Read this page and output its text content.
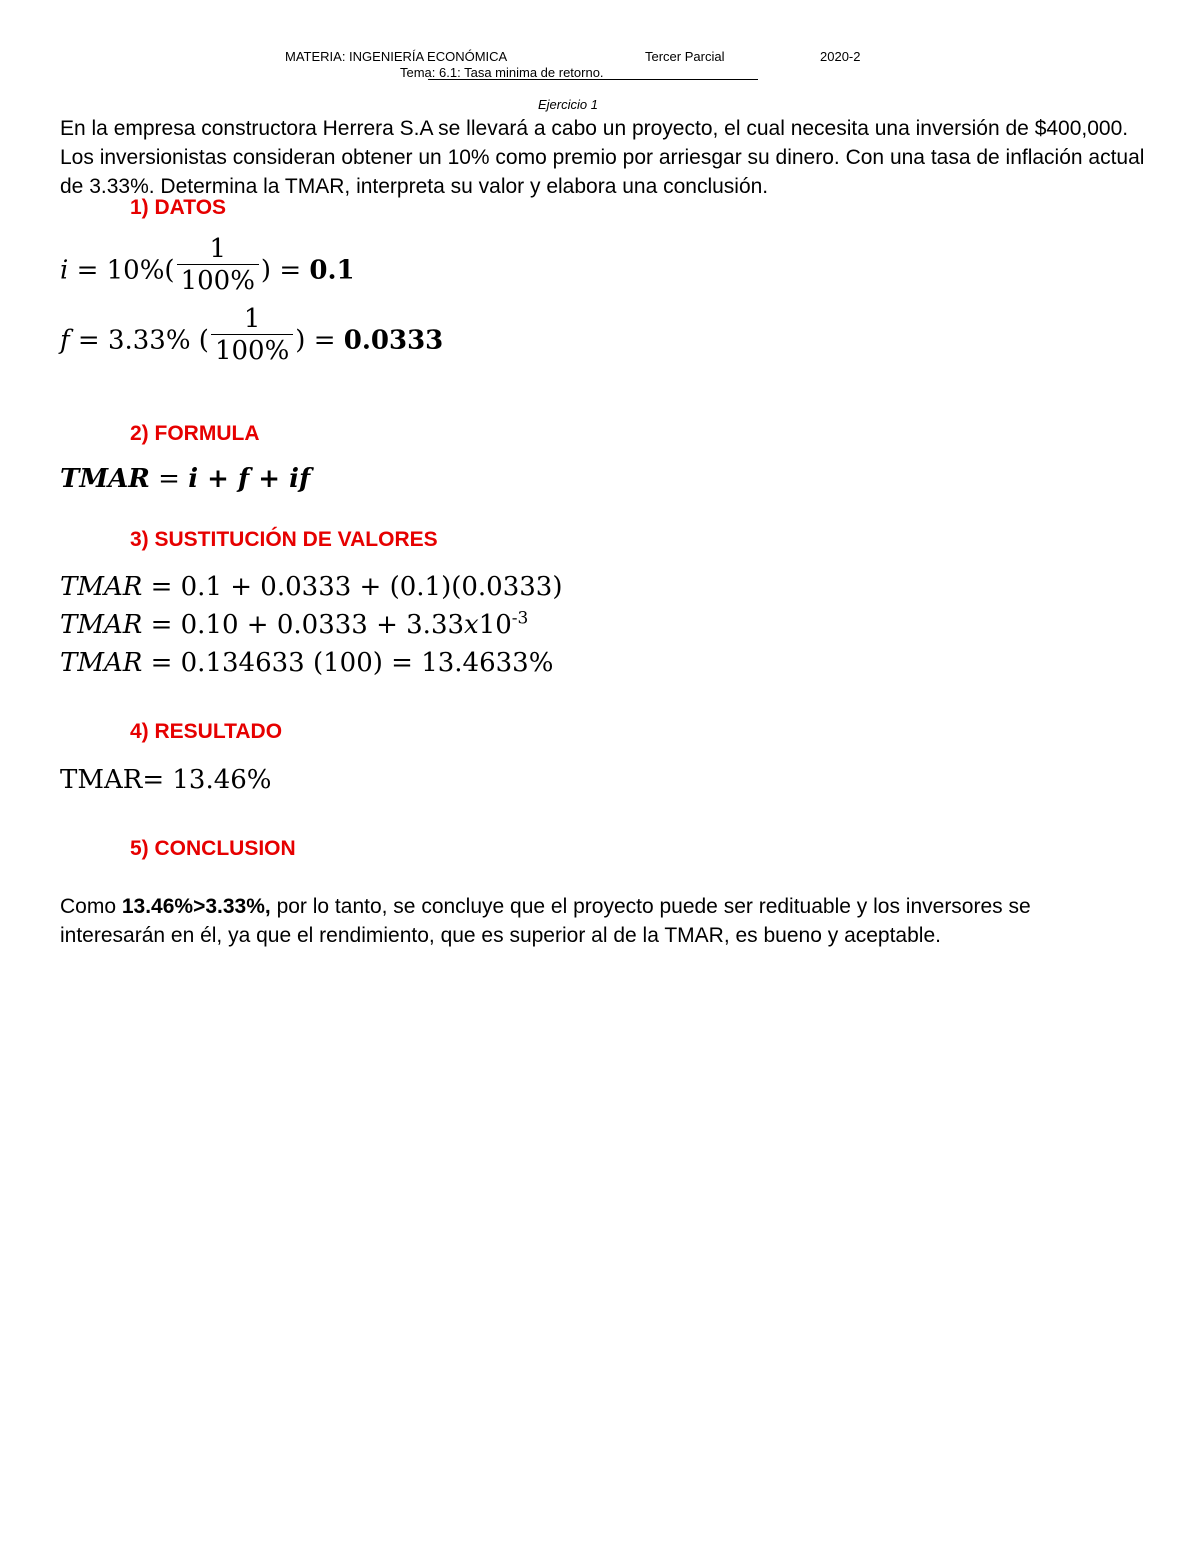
MATERIA: INGENIERÍA ECONÓMICA	Tercer Parcial	2020-2
Tema: 6.1: Tasa minima de retorno.
Ejercicio 1
En la empresa constructora Herrera S.A se llevará a cabo un proyecto, el cual necesita una inversión de $400,000. Los inversionistas consideran obtener un 10% como premio por arriesgar su dinero. Con una tasa de inflación actual de 3.33%. Determina la TMAR, interpreta su valor y elabora una conclusión.
1) DATOS
$i = 10\%( \frac{1}{100\%}$ ) = 0.1
f = 3.33% ( $\frac{1}{100\%}$ ) = 0.0333
2) FORMULA
TMAR = i + f + if
3) SUSTITUCIÓN DE VALORES
TMAR = 0.1 + 0.0333 + (0.1)(0.0333)
TMAR = $0.10 + 0.0333 + 3.33x10^{-3}$
TMAR = 0.134633 (100) = 13.4633%
4) RESULTADO
TMAR= 13.46%
5) CONCLUSION
Como 13.46%>3.33%, por lo tanto, se concluye que el proyecto puede ser redituable y los inversores se interesarán en él, ya que el rendimiento, que es superior al de la TMAR, es bueno y aceptable.
